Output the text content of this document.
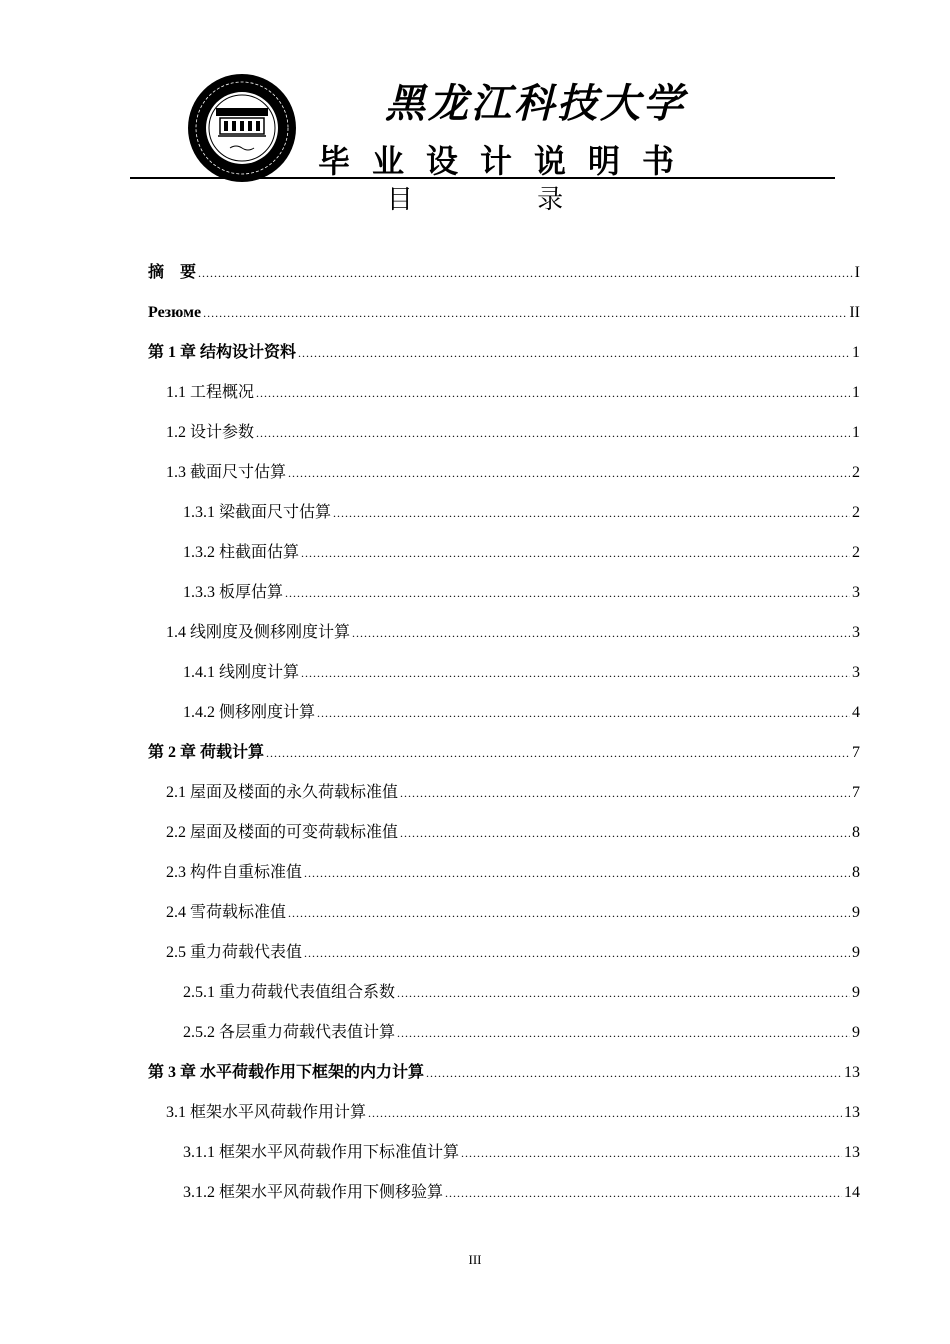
黑龙江科技大学
毕业设计说明书
目 录
摘　要 .....	I
Резюме .....	II
第 1 章 结构设计资料 .....	1
1.1 工程概况 .....	1
1.2 设计参数 .....	1
1.3 截面尺寸估算 .....	2
1.3.1 梁截面尺寸估算 .....	2
1.3.2 柱截面估算 .....	2
1.3.3 板厚估算 .....	3
1.4 线刚度及侧移刚度计算 .....	3
1.4.1 线刚度计算 .....	3
1.4.2 侧移刚度计算 .....	4
第 2 章 荷载计算 .....	7
2.1 屋面及楼面的永久荷载标准值 .....	7
2.2 屋面及楼面的可变荷载标准值 .....	8
2.3 构件自重标准值 .....	8
2.4 雪荷载标准值 .....	9
2.5 重力荷载代表值 .....	9
2.5.1 重力荷载代表值组合系数 .....	9
2.5.2 各层重力荷载代表值计算 .....	9
第 3 章 水平荷载作用下框架的内力计算 .....	13
3.1 框架水平风荷载作用计算 .....	13
3.1.1 框架水平风荷载作用下标准值计算 .....	13
3.1.2 框架水平风荷载作用下侧移验算 .....	14
III
